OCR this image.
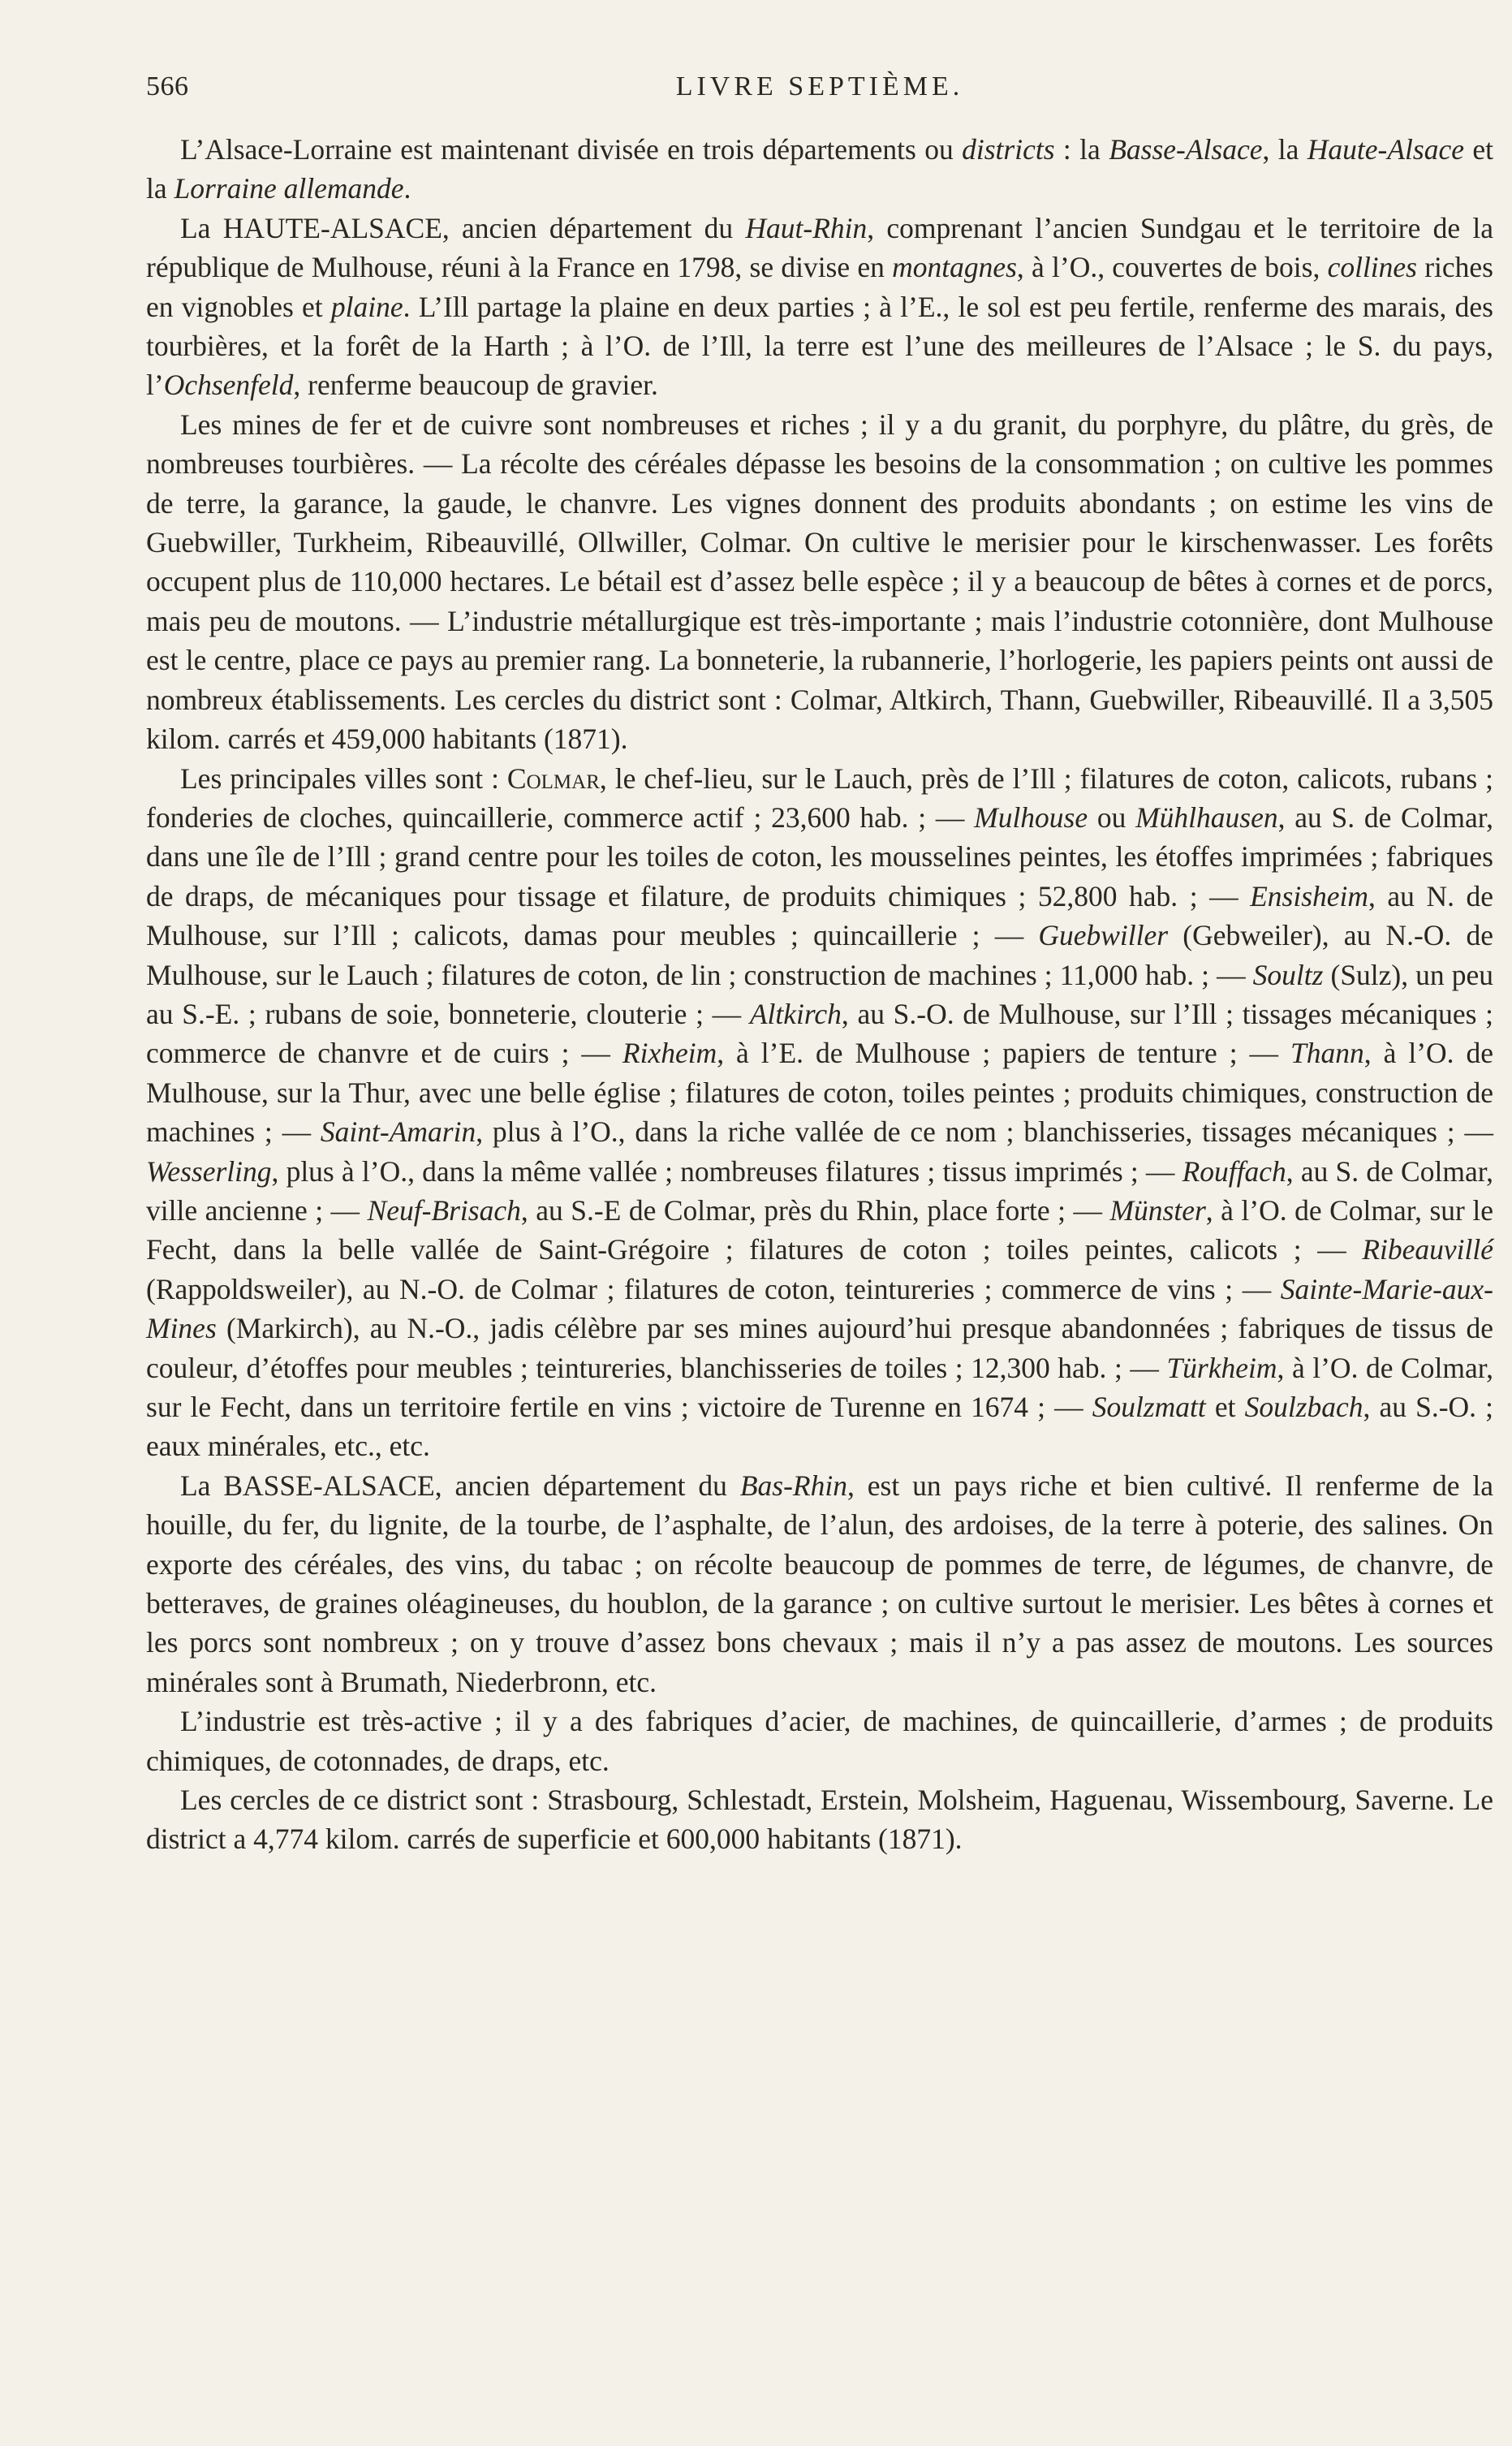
566	LIVRE SEPTIÈME.

L’Alsace-Lorraine est maintenant divisée en trois départements ou districts : la Basse-Alsace, la Haute-Alsace et la Lorraine allemande.

La HAUTE-ALSACE, ancien département du Haut-Rhin, comprenant l’ancien Sundgau et le territoire de la république de Mulhouse, réuni à la France en 1798, se divise en montagnes, à l’O., couvertes de bois, collines riches en vignobles et plaine. L’Ill partage la plaine en deux parties ; à l’E., le sol est peu fertile, renferme des marais, des tourbières, et la forêt de la Harth ; à l’O. de l’Ill, la terre est l’une des meilleures de l’Alsace ; le S. du pays, l’Ochsenfeld, renferme beaucoup de gravier.

Les mines de fer et de cuivre sont nombreuses et riches ; il y a du granit, du porphyre, du plâtre, du grès, de nombreuses tourbières. — La récolte des céréales dépasse les besoins de la consommation ; on cultive les pommes de terre, la garance, la gaude, le chanvre. Les vignes donnent des produits abondants ; on estime les vins de Guebwiller, Turkheim, Ribeauvillé, Ollwiller, Colmar. On cultive le merisier pour le kirschenwasser. Les forêts occupent plus de 110,000 hectares. Le bétail est d’assez belle espèce ; il y a beaucoup de bêtes à cornes et de porcs, mais peu de moutons. — L’industrie métallurgique est très-importante ; mais l’industrie cotonnière, dont Mulhouse est le centre, place ce pays au premier rang. La bonneterie, la rubannerie, l’horlogerie, les papiers peints ont aussi de nombreux établissements. Les cercles du district sont : Colmar, Altkirch, Thann, Guebwiller, Ribeauvillé. Il a 3,505 kilom. carrés et 459,000 habitants (1871).

Les principales villes sont : Colmar, le chef-lieu, sur le Lauch, près de l’Ill ; filatures de coton, calicots, rubans ; fonderies de cloches, quincaillerie, commerce actif ; 23,600 hab. ; — Mulhouse ou Mühlhausen, au S. de Colmar, dans une île de l’Ill ; grand centre pour les toiles de coton, les mousselines peintes, les étoffes imprimées ; fabriques de draps, de mécaniques pour tissage et filature, de produits chimiques ; 52,800 hab. ; — Ensisheim, au N. de Mulhouse, sur l’Ill ; calicots, damas pour meubles ; quincaillerie ; — Guebwiller (Gebweiler), au N.-O. de Mulhouse, sur le Lauch ; filatures de coton, de lin ; construction de machines ; 11,000 hab. ; — Soultz (Sulz), un peu au S.-E. ; rubans de soie, bonneterie, clouterie ; — Altkirch, au S.-O. de Mulhouse, sur l’Ill ; tissages mécaniques ; commerce de chanvre et de cuirs ; — Rixheim, à l’E. de Mulhouse ; papiers de tenture ; — Thann, à l’O. de Mulhouse, sur la Thur, avec une belle église ; filatures de coton, toiles peintes ; produits chimiques, construction de machines ; — Saint-Amarin, plus à l’O., dans la riche vallée de ce nom ; blanchisseries, tissages mécaniques ; — Wesserling, plus à l’O., dans la même vallée ; nombreuses filatures ; tissus imprimés ; — Rouffach, au S. de Colmar, ville ancienne ; — Neuf-Brisach, au S.-E de Colmar, près du Rhin, place forte ; — Münster, à l’O. de Colmar, sur le Fecht, dans la belle vallée de Saint-Grégoire ; filatures de coton ; toiles peintes, calicots ; — Ribeauvillé (Rappoldsweiler), au N.-O. de Colmar ; filatures de coton, teintureries ; commerce de vins ; — Sainte-Marie-aux-Mines (Markirch), au N.-O., jadis célèbre par ses mines aujourd’hui presque abandonnées ; fabriques de tissus de couleur, d’étoffes pour meubles ; teintureries, blanchisseries de toiles ; 12,300 hab. ; — Türkheim, à l’O. de Colmar, sur le Fecht, dans un territoire fertile en vins ; victoire de Turenne en 1674 ; — Soulzmatt et Soulzbach, au S.-O. ; eaux minérales, etc., etc.

La BASSE-ALSACE, ancien département du Bas-Rhin, est un pays riche et bien cultivé. Il renferme de la houille, du fer, du lignite, de la tourbe, de l’asphalte, de l’alun, des ardoises, de la terre à poterie, des salines. On exporte des céréales, des vins, du tabac ; on récolte beaucoup de pommes de terre, de légumes, de chanvre, de betteraves, de graines oléagineuses, du houblon, de la garance ; on cultive surtout le merisier. Les bêtes à cornes et les porcs sont nombreux ; on y trouve d’assez bons chevaux ; mais il n’y a pas assez de moutons. Les sources minérales sont à Brumath, Niederbronn, etc.

L’industrie est très-active ; il y a des fabriques d’acier, de machines, de quincaillerie, d’armes ; de produits chimiques, de cotonnades, de draps, etc.

Les cercles de ce district sont : Strasbourg, Schlestadt, Erstein, Molsheim, Haguenau, Wissembourg, Saverne. Le district a 4,774 kilom. carrés de superficie et 600,000 habitants (1871).
